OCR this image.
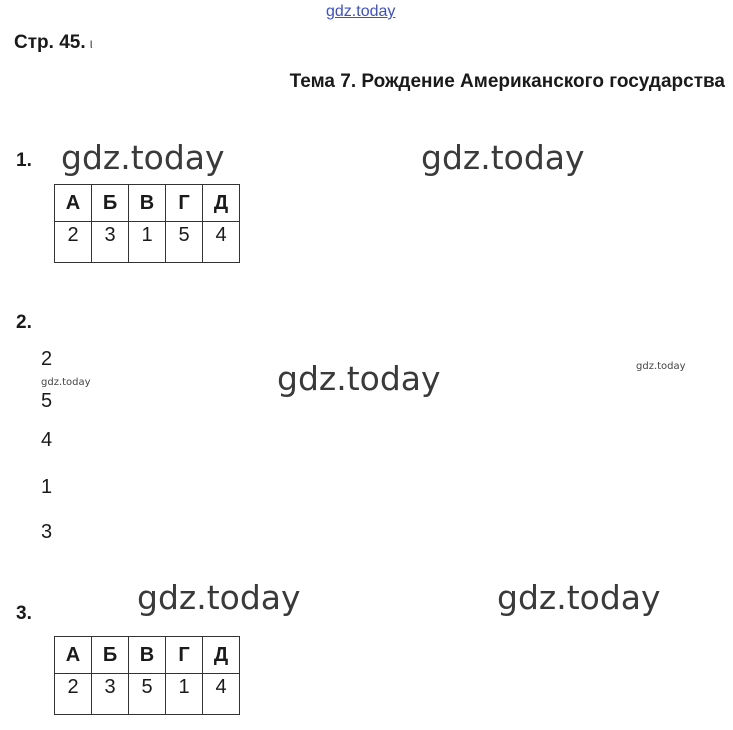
gdz.today
Стр. 45. ι
Тема 7. Рождение Американского государства
1. gdz.today	gdz.today
А	Б	В	Г	Д
2	3	1	5	4
2.
2
gdz.today
5
4
1
3
gdz.today	gdz.today
3.	gdz.today	gdz.today
А	Б	В	Г	Д
2	3	5	1	4
